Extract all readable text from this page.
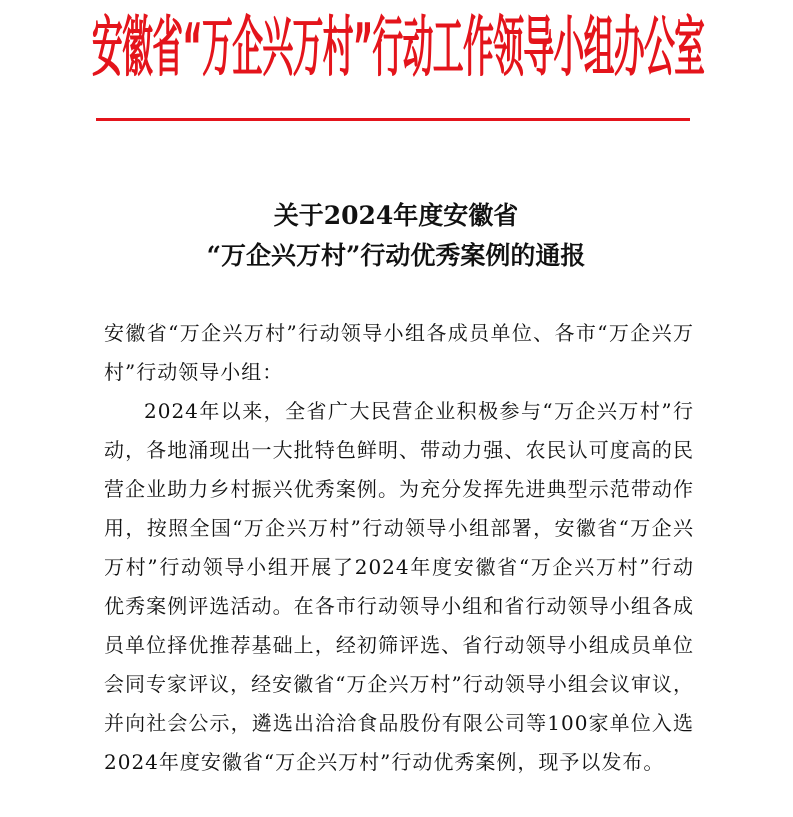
安徽省“万企兴万村”行动工作领导小组办公室
关于2024年度安徽省
“万企兴万村”行动优秀案例的通报

安徽省“万企兴万村”行动领导小组各成员单位、各市“万企兴万村”行动领导小组：

2024年以来，全省广大民营企业积极参与“万企兴万村”行动，各地涌现出一大批特色鲜明、带动力强、农民认可度高的民营企业助力乡村振兴优秀案例。为充分发挥先进典型示范带动作用，按照全国“万企兴万村”行动领导小组部署，安徽省“万企兴万村”行动领导小组开展了2024年度安徽省“万企兴万村”行动优秀案例评选活动。在各市行动领导小组和省行动领导小组各成员单位择优推荐基础上，经初筛评选、省行动领导小组成员单位会同专家评议，经安徽省“万企兴万村”行动领导小组会议审议，并向社会公示，遴选出洽洽食品股份有限公司等100家单位入选2024年度安徽省“万企兴万村”行动优秀案例，现予以发布。
